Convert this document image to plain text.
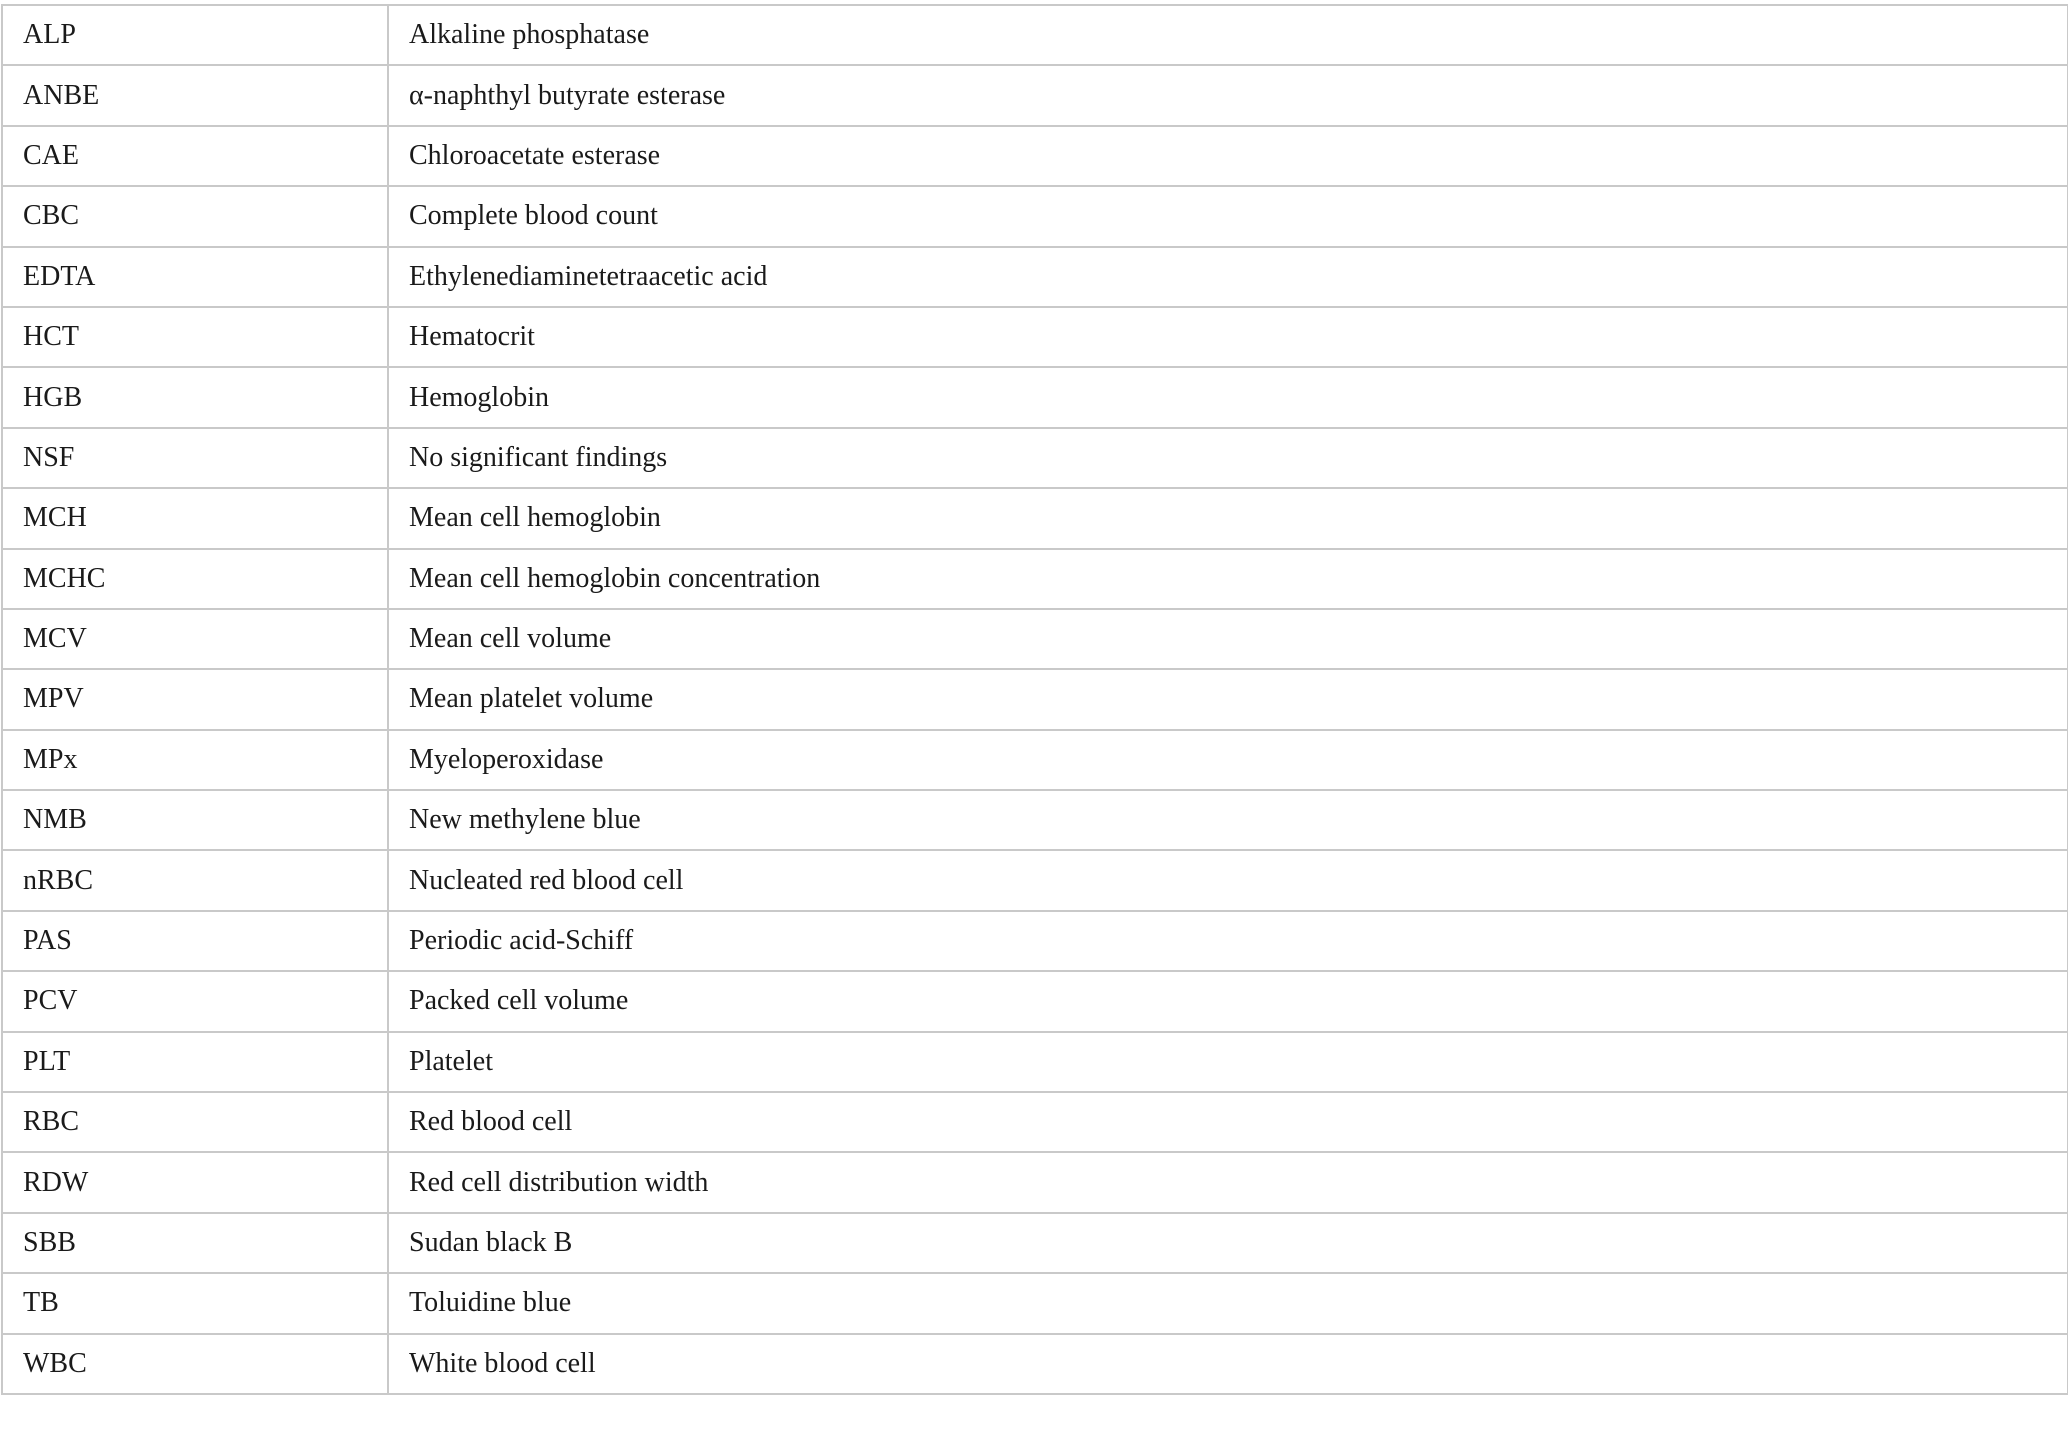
ALP	Alkaline phosphatase
ANBE	α-naphthyl butyrate esterase
CAE	Chloroacetate esterase
CBC	Complete blood count
EDTA	Ethylenediaminetetraacetic acid
HCT	Hematocrit
HGB	Hemoglobin
NSF	No significant findings
MCH	Mean cell hemoglobin
MCHC	Mean cell hemoglobin concentration
MCV	Mean cell volume
MPV	Mean platelet volume
MPx	Myeloperoxidase
NMB	New methylene blue
nRBC	Nucleated red blood cell
PAS	Periodic acid-Schiff
PCV	Packed cell volume
PLT	Platelet
RBC	Red blood cell
RDW	Red cell distribution width
SBB	Sudan black B
TB	Toluidine blue
WBC	White blood cell
